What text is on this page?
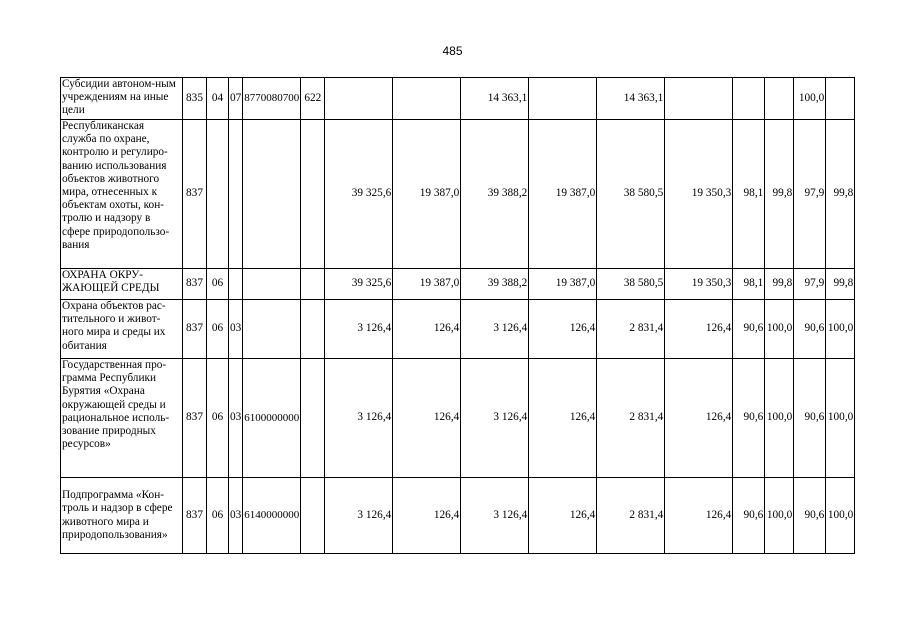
485
Субсидии автоном-ным учреждениям на иные цели	835	04	07	8770080700	622			14 363,1		14 363,1				100,0	
Республиканская служба по охране, контролю и регулиро-ванию использования объектов животного мира, отнесенных к объектам охоты, кон-тролю и надзору в сфере природопользо-вания	837					39 325,6	19 387,0	39 388,2	19 387,0	38 580,5	19 350,3	98,1	99,8	97,9	99,8
ОХРАНА ОКРУ-ЖАЮЩЕЙ СРЕДЫ	837	06				39 325,6	19 387,0	39 388,2	19 387,0	38 580,5	19 350,3	98,1	99,8	97,9	99,8
Охрана объектов рас-тительного и живот-ного мира и среды их обитания	837	06	03			3 126,4	126,4	3 126,4	126,4	2 831,4	126,4	90,6	100,0	90,6	100,0
Государственная про-грамма Республики Бурятия «Охрана окружающей среды и рациональное исполь-зование природных ресурсов»	837	06	03	6100000000		3 126,4	126,4	3 126,4	126,4	2 831,4	126,4	90,6	100,0	90,6	100,0
Подпрограмма «Кон-троль и надзор в сфере животного мира и природопользования»	837	06	03	6140000000		3 126,4	126,4	3 126,4	126,4	2 831,4	126,4	90,6	100,0	90,6	100,0
